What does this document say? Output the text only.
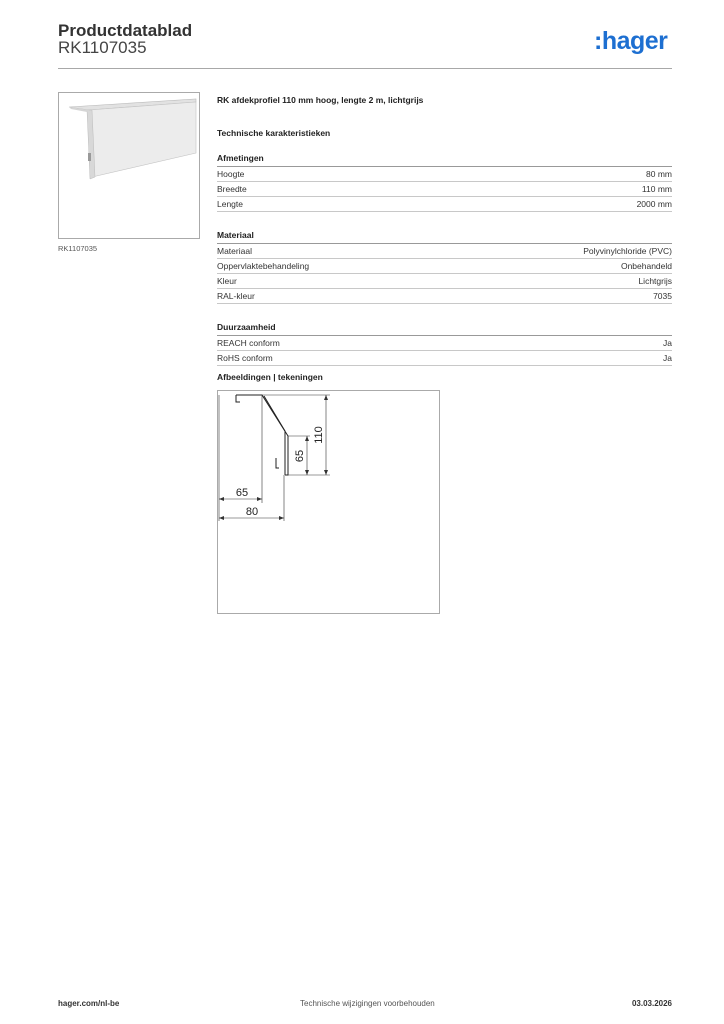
Productdatablad
RK1107035	:hager
RK1107035
RK afdekprofiel 110 mm hoog, lengte 2 m, lichtgrijs
Technische karakteristieken
Afmetingen
Hoogte	80 mm
Breedte	110 mm
Lengte	2000 mm
Materiaal
Materiaal	Polyvinylchloride (PVC)
Oppervlaktebehandeling	Onbehandeld
Kleur	Lichtgrijs
RAL-kleur	7035
Duurzaamheid
REACH conform	Ja
RoHS conform	Ja
Afbeeldingen | tekeningen
110
65
65
80
hager.com/nl-be	Technische wijzigingen voorbehouden	03.03.2026
